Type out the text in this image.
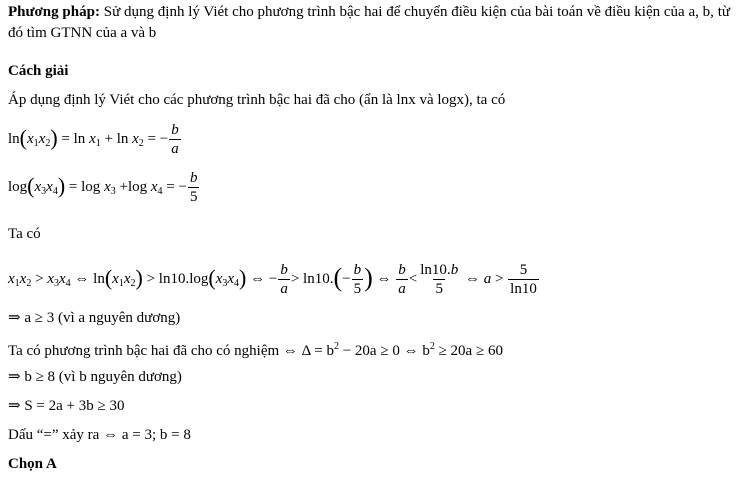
Phương pháp: Sử dụng định lý Viét cho phương trình bậc hai để chuyển điều kiện của bài toán về điều kiện của a, b, từ đó tìm GTNN của a và b
Cách giải
Áp dụng định lý Viét cho các phương trình bậc hai đã cho (ẩn là lnx và logx), ta có
$\ln(x_1x_2) = \ln x_1 + \ln x_2$ = − $\frac{b}{a}$
$\log(x_3x_4) = \log x_3 +\log$ $x_4$ = − $\frac{b}{5}$
Ta có
$x_1x_2 > x_3x_4$ ⇔ $\ln(x_1x_2) > \ln 10.\log(x_3x_4)$ ⇔ − $\frac{b}{a} > \ln 10.(- \frac{b}{5}$ ) ⇔ $\frac{b}{a} < \frac{\ln 10.b}{5}$ ⇔ $a > \frac{5}{\ln 10}$
⇒ a ≥ 3 (vì a nguyên dương)
Ta có phương trình bậc hai đã cho có nghiệm ⇔ $\Delta = b^2 - 20a \ge 0$ ⇔ $b^2 \ge 20a \ge 60$
⇒ b ≥ 8 (vì b nguyên dương)
⇒ S = 2a + 3b ≥ 30
Dấu “=” xảy ra ⇔ a = 3; b = 8
Chọn A
